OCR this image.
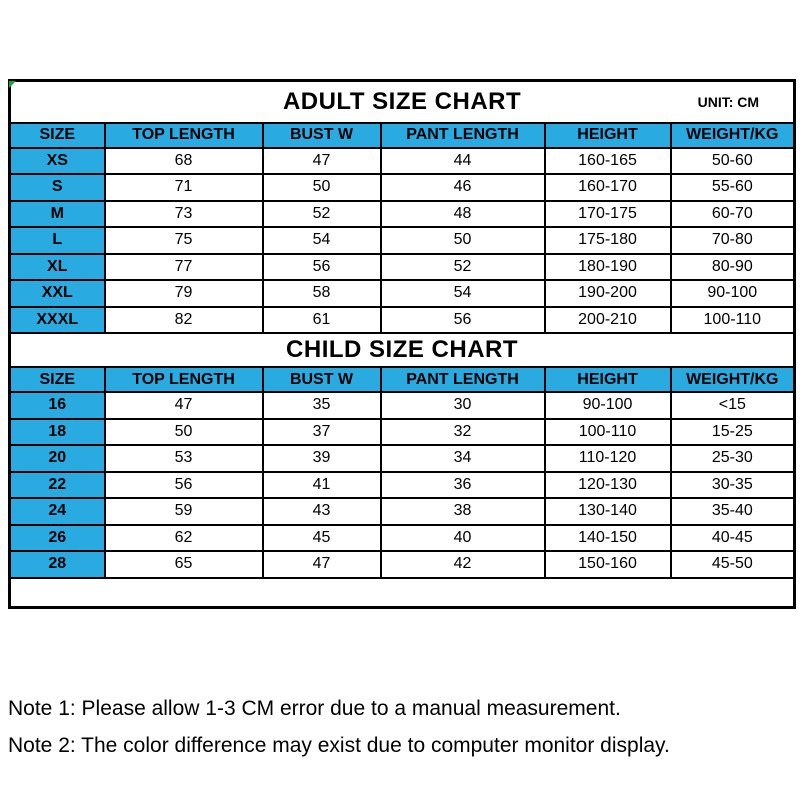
ADULT SIZE CHART UNIT: CM					

SIZE	TOP LENGTH	BUST W	PANT LENGTH	HEIGHT	WEIGHT/KG
XS	68	47	44	160-165	50-60
S	71	50	46	160-170	55-60
M	73	52	48	170-175	60-70
L	75	54	50	175-180	70-80
XL	77	56	52	180-190	80-90
XXL	79	58	54	190-200	90-100
XXXL	82	61	56	200-210	100-110
CHILD SIZE CHART					
SIZE	TOP LENGTH	BUST W	PANT LENGTH	HEIGHT	WEIGHT/KG
16	47	35	30	90-100	<15
18	50	37	32	100-110	15-25
20	53	39	34	110-120	25-30
22	56	41	36	120-130	30-35
24	59	43	38	130-140	35-40
26	62	45	40	140-150	40-45
28	65	47	42	150-160	45-50

Note 1: Please allow 1-3 CM error due to a manual measurement.
Note 2: The color difference may exist due to computer monitor display.
